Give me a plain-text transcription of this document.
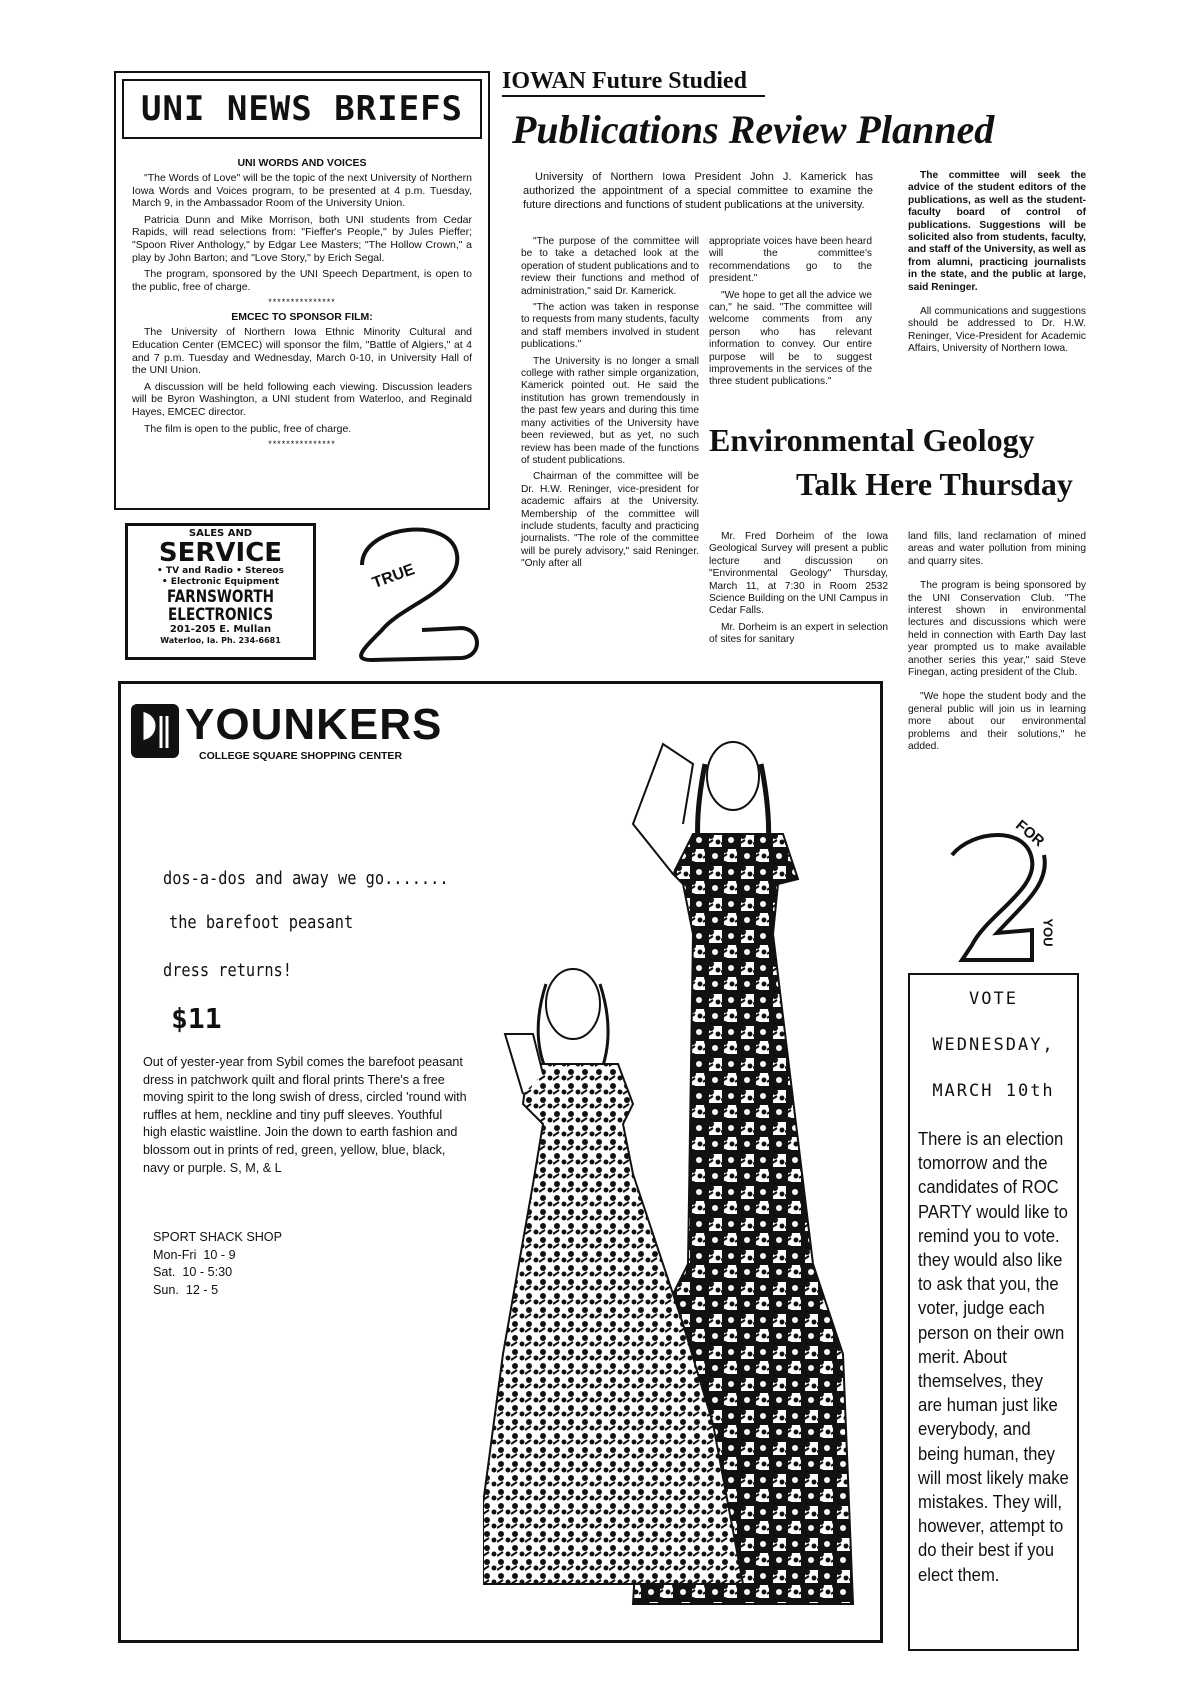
UNI NEWS BRIEFS
UNI WORDS AND VOICES

"The Words of Love" will be the topic of the next University of Northern Iowa Words and Voices program, to be presented at 4 p.m. Tuesday, March 9, in the Ambassador Room of the University Union.

Patricia Dunn and Mike Morrison, both UNI students from Cedar Rapids, will read selections from: "Fieffer's People," by Jules Pieffer; "Spoon River Anthology," by Edgar Lee Masters; "The Hollow Crown," a play by John Barton; and "Love Story," by Erich Segal.

The program, sponsored by the UNI Speech Department, is open to the public, free of charge.

***************
EMCEC TO SPONSOR FILM:

The University of Northern Iowa Ethnic Minority Cultural and Education Center (EMCEC) will sponsor the film, "Battle of Algiers," at 4 and 7 p.m. Tuesday and Wednesday, March 0-10, in University Hall of the UNI Union.

A discussion will be held following each viewing. Discussion leaders will be Byron Washington, a UNI student from Waterloo, and Reginald Hayes, EMCEC director.

The film is open to the public, free of charge.

***************
IOWAN Future Studied
Publications Review Planned

University of Northern Iowa President John J. Kamerick has authorized the appointment of a special committee to examine the future directions and functions of student publications at the university.

"The purpose of the committee will be to take a detached look at the operation of student publications and to review their functions and method of administration," said Dr. Kamerick.

"The action was taken in response to requests from many students, faculty and staff members involved in student publications."

The University is no longer a small college with rather simple organization, Kamerick pointed out. He said the institution has grown tremendously in the past few years and during this time many activities of the University have been reviewed, but as yet, no such review has been made of the functions of student publications.

Chairman of the committee will be Dr. H.W. Reninger, vice-president for academic affairs at the University. Membership of the committee will include students, faculty and practicing journalists. "The role of the committee will be purely advisory," said Reninger. "Only after all

appropriate voices have been heard will the committee's recommendations go to the president."

"We hope to get all the advice we can," he said. "The committee will welcome comments from any person who has relevant information to convey. Our entire purpose will be to suggest improvements in the services of the three student publications."

The committee will seek the advice of the student editors of the publications, as well as the student-faculty board of control of publications. Suggestions will be solicited also from students, faculty, and staff of the University, as well as from alumni, practicing journalists in the state, and the public at large, said Reninger.

All communications and suggestions should be addressed to Dr. H.W. Reninger, Vice-President for Academic Affairs, University of Northern Iowa.

Environmental Geology
Talk Here Thursday

Mr. Fred Dorheim of the Iowa Geological Survey will present a public lecture and discussion on "Environmental Geology" Thursday, March 11, at 7:30 in Room 2532 Science Building on the UNI Campus in Cedar Falls.

Mr. Dorheim is an expert in selection of sites for sanitary

land fills, land reclamation of mined areas and water pollution from mining and quarry sites.

The program is being sponsored by the UNI Conservation Club. "The interest shown in environmental lectures and discussions which were held in connection with Earth Day last year prompted us to make available another series this year," said Steve Finegan, acting president of the Club.

"We hope the student body and the general public will join us in learning more about our environmental problems and their solutions," he added.

SALES AND
SERVICE
• TV and Radio • Stereos
• Electronic Equipment
FARNSWORTH
ELECTRONICS
201-205 E. Mullan
Waterloo, Ia. Ph. 234-6681
TRUE
YOUNKERS
COLLEGE SQUARE SHOPPING CENTER
dos-a-dos and away we go.......
the barefoot peasant
dress returns!
$11

Out of yester-year from Sybil comes the barefoot peasant dress in patchwork quilt and floral prints There's a free moving spirit to the long swish of dress, circled 'round with ruffles at hem, neckline and tiny puff sleeves. Youthful high elastic waistline. Join the down to earth fashion and blossom out in prints of red, green, yellow, blue, black, navy or purple. S, M, & L

SPORT SHACK SHOP
Mon-Fri  10 - 9
Sat.  10 - 5:30
Sun.  12 - 5
FOR
YOU
VOTE
WEDNESDAY,
MARCH 10th

There is an election tomorrow and the candidates of ROC PARTY would like to remind you to vote. they would also like to ask that you, the voter, judge each person on their own merit. About themselves, they are human just like everybody, and being human, they will most likely make mistakes. They will, however, attempt to do their best if you elect them.
